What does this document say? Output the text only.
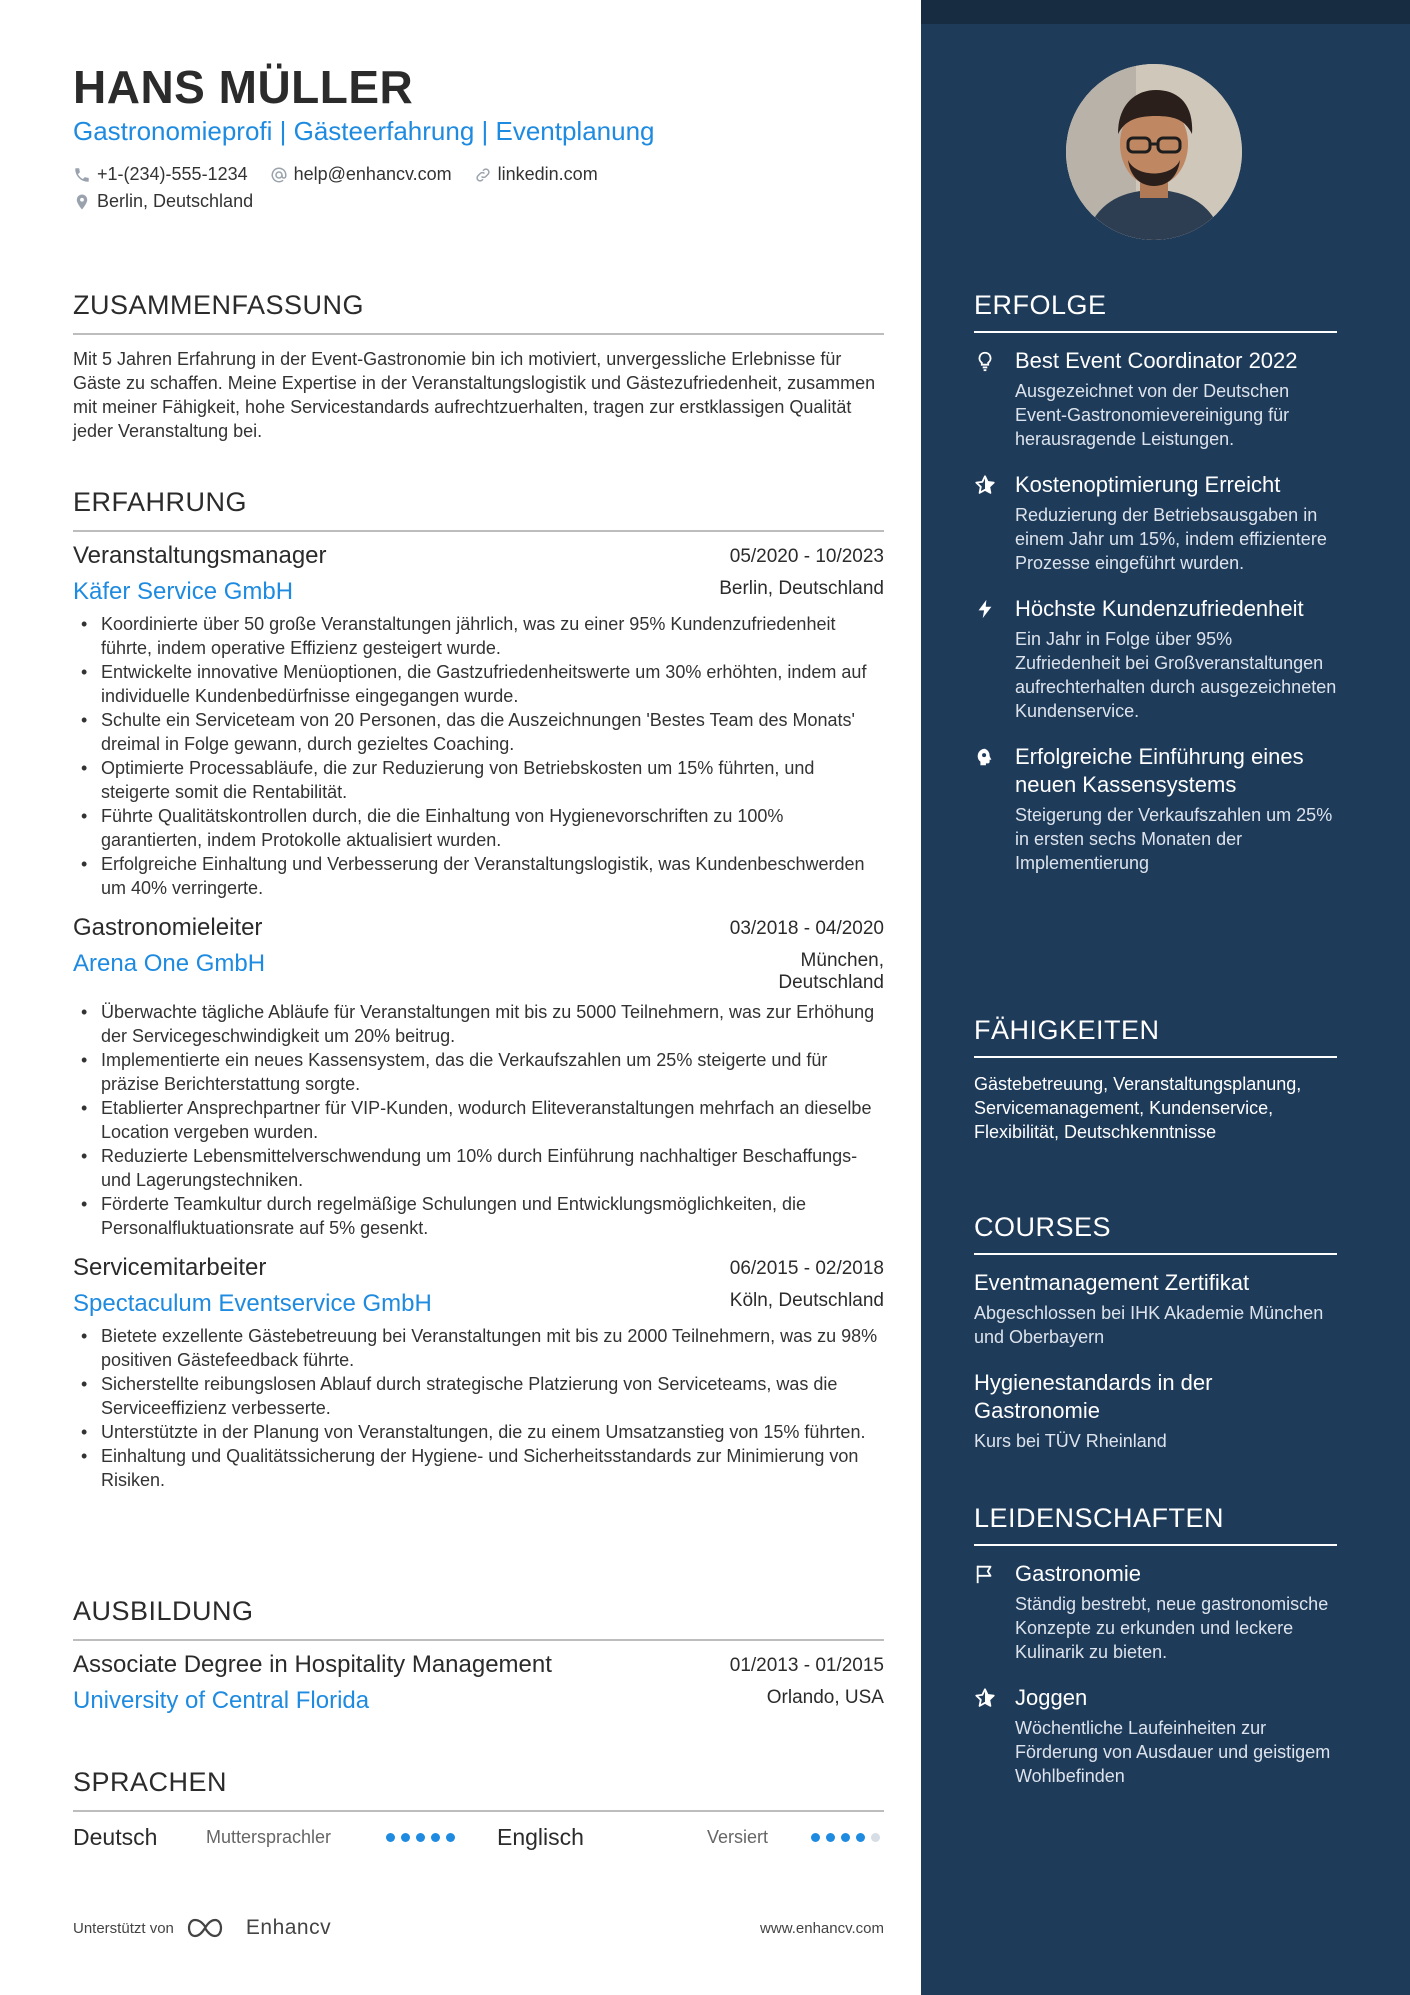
HANS MÜLLER
Gastronomieprofi | Gästeerfahrung | Eventplanung
+1-(234)-555-1234	help@enhancv.com	linkedin.com
Berlin, Deutschland
ZUSAMMENFASSUNG
Mit 5 Jahren Erfahrung in der Event-Gastronomie bin ich motiviert, unvergessliche Erlebnisse für Gäste zu schaffen. Meine Expertise in der Veranstaltungslogistik und Gästezufriedenheit, zusammen mit meiner Fähigkeit, hohe Servicestandards aufrechtzuerhalten, tragen zur erstklassigen Qualität jeder Veranstaltung bei.
ERFAHRUNG
Veranstaltungsmanager	05/2020 - 10/2023
Käfer Service GmbH	Berlin, Deutschland
• Koordinierte über 50 große Veranstaltungen jährlich, was zu einer 95% Kundenzufriedenheit führte, indem operative Effizienz gesteigert wurde.
• Entwickelte innovative Menüoptionen, die Gastzufriedenheitswerte um 30% erhöhten, indem auf individuelle Kundenbedürfnisse eingegangen wurde.
• Schulte ein Serviceteam von 20 Personen, das die Auszeichnungen 'Bestes Team des Monats' dreimal in Folge gewann, durch gezieltes Coaching.
• Optimierte Processabläufe, die zur Reduzierung von Betriebskosten um 15% führten, und steigerte somit die Rentabilität.
• Führte Qualitätskontrollen durch, die die Einhaltung von Hygienevorschriften zu 100% garantierten, indem Protokolle aktualisiert wurden.
• Erfolgreiche Einhaltung und Verbesserung der Veranstaltungslogistik, was Kundenbeschwerden um 40% verringerte.
Gastronomieleiter	03/2018 - 04/2020
Arena One GmbH	München,
Deutschland
• Überwachte tägliche Abläufe für Veranstaltungen mit bis zu 5000 Teilnehmern, was zur Erhöhung der Servicegeschwindigkeit um 20% beitrug.
• Implementierte ein neues Kassensystem, das die Verkaufszahlen um 25% steigerte und für präzise Berichterstattung sorgte.
• Etablierter Ansprechpartner für VIP-Kunden, wodurch Eliteveranstaltungen mehrfach an dieselbe Location vergeben wurden.
• Reduzierte Lebensmittelverschwendung um 10% durch Einführung nachhaltiger Beschaffungs- und Lagerungstechniken.
• Förderte Teamkultur durch regelmäßige Schulungen und Entwicklungsmöglichkeiten, die Personalfluktuationsrate auf 5% gesenkt.
Servicemitarbeiter	06/2015 - 02/2018
Spectaculum Eventservice GmbH	Köln, Deutschland
• Bietete exzellente Gästebetreuung bei Veranstaltungen mit bis zu 2000 Teilnehmern, was zu 98% positiven Gästefeedback führte.
• Sicherstellte reibungslosen Ablauf durch strategische Platzierung von Serviceteams, was die Serviceeffizienz verbesserte.
• Unterstützte in der Planung von Veranstaltungen, die zu einem Umsatzanstieg von 15% führten.
• Einhaltung und Qualitätssicherung der Hygiene- und Sicherheitsstandards zur Minimierung von Risiken.
AUSBILDUNG
Associate Degree in Hospitality Management	01/2013 - 01/2015
University of Central Florida	Orlando, USA
SPRACHEN
Deutsch	Muttersprachler	Englisch	Versiert
Unterstützt von	Enhancv	www.enhancv.com
ERFOLGE
Best Event Coordinator 2022
Ausgezeichnet von der Deutschen Event-Gastronomievereinigung für herausragende Leistungen.
Kostenoptimierung Erreicht
Reduzierung der Betriebsausgaben in einem Jahr um 15%, indem effizientere Prozesse eingeführt wurden.
Höchste Kundenzufriedenheit
Ein Jahr in Folge über 95% Zufriedenheit bei Großveranstaltungen aufrechterhalten durch ausgezeichneten Kundenservice.
Erfolgreiche Einführung eines neuen Kassensystems
Steigerung der Verkaufszahlen um 25% in ersten sechs Monaten der Implementierung
FÄHIGKEITEN
Gästebetreuung, Veranstaltungsplanung, Servicemanagement, Kundenservice, Flexibilität, Deutschkenntnisse
COURSES
Eventmanagement Zertifikat
Abgeschlossen bei IHK Akademie München und Oberbayern
Hygienestandards in der Gastronomie
Kurs bei TÜV Rheinland
LEIDENSCHAFTEN
Gastronomie
Ständig bestrebt, neue gastronomische Konzepte zu erkunden und leckere Kulinarik zu bieten.
Joggen
Wöchentliche Laufeinheiten zur Förderung von Ausdauer und geistigem Wohlbefinden
